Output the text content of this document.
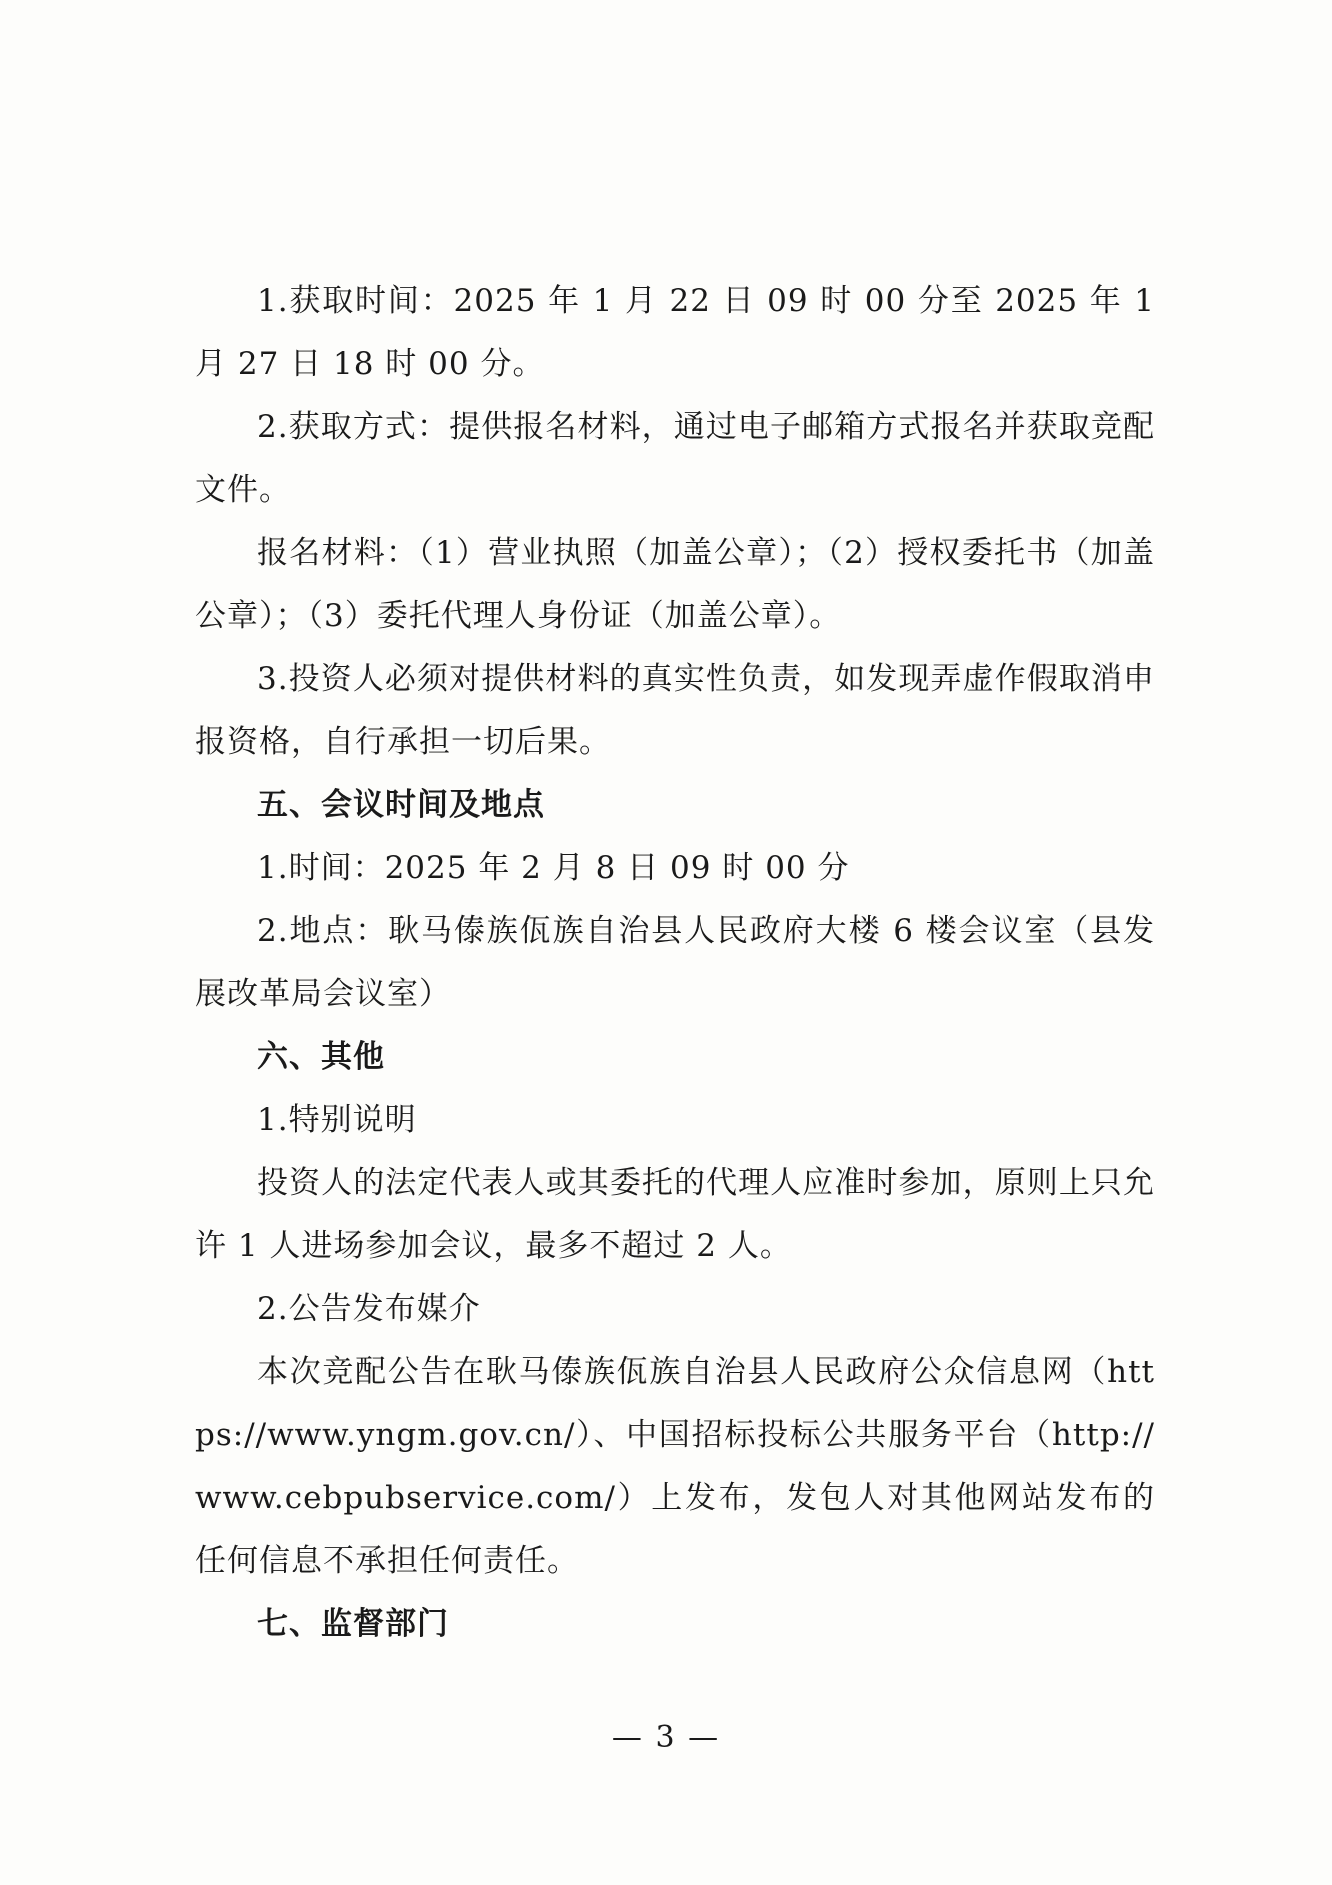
1.获取时间：2025 年 1 月 22 日 09 时 00 分至 2025 年 1 月 27 日 18 时 00 分。

2.获取方式：提供报名材料，通过电子邮箱方式报名并获取竞配文件。

报名材料：（1）营业执照（加盖公章）；（2）授权委托书（加盖公章）；（3）委托代理人身份证（加盖公章）。

3.投资人必须对提供材料的真实性负责，如发现弄虚作假取消申报资格，自行承担一切后果。

五、会议时间及地点

1.时间：2025 年 2 月 8 日 09 时 00 分

2.地点：耿马傣族佤族自治县人民政府大楼 6 楼会议室（县发展改革局会议室）

六、其他

1.特别说明

投资人的法定代表人或其委托的代理人应准时参加，原则上只允许 1 人进场参加会议，最多不超过 2 人。

2.公告发布媒介

本次竞配公告在耿马傣族佤族自治县人民政府公众信息网（https://www.yngm.gov.cn/）、中国招标投标公共服务平台（http://www.cebpubservice.com/）上发布，发包人对其他网站发布的任何信息不承担任何责任。

七、监督部门

— 3 —
